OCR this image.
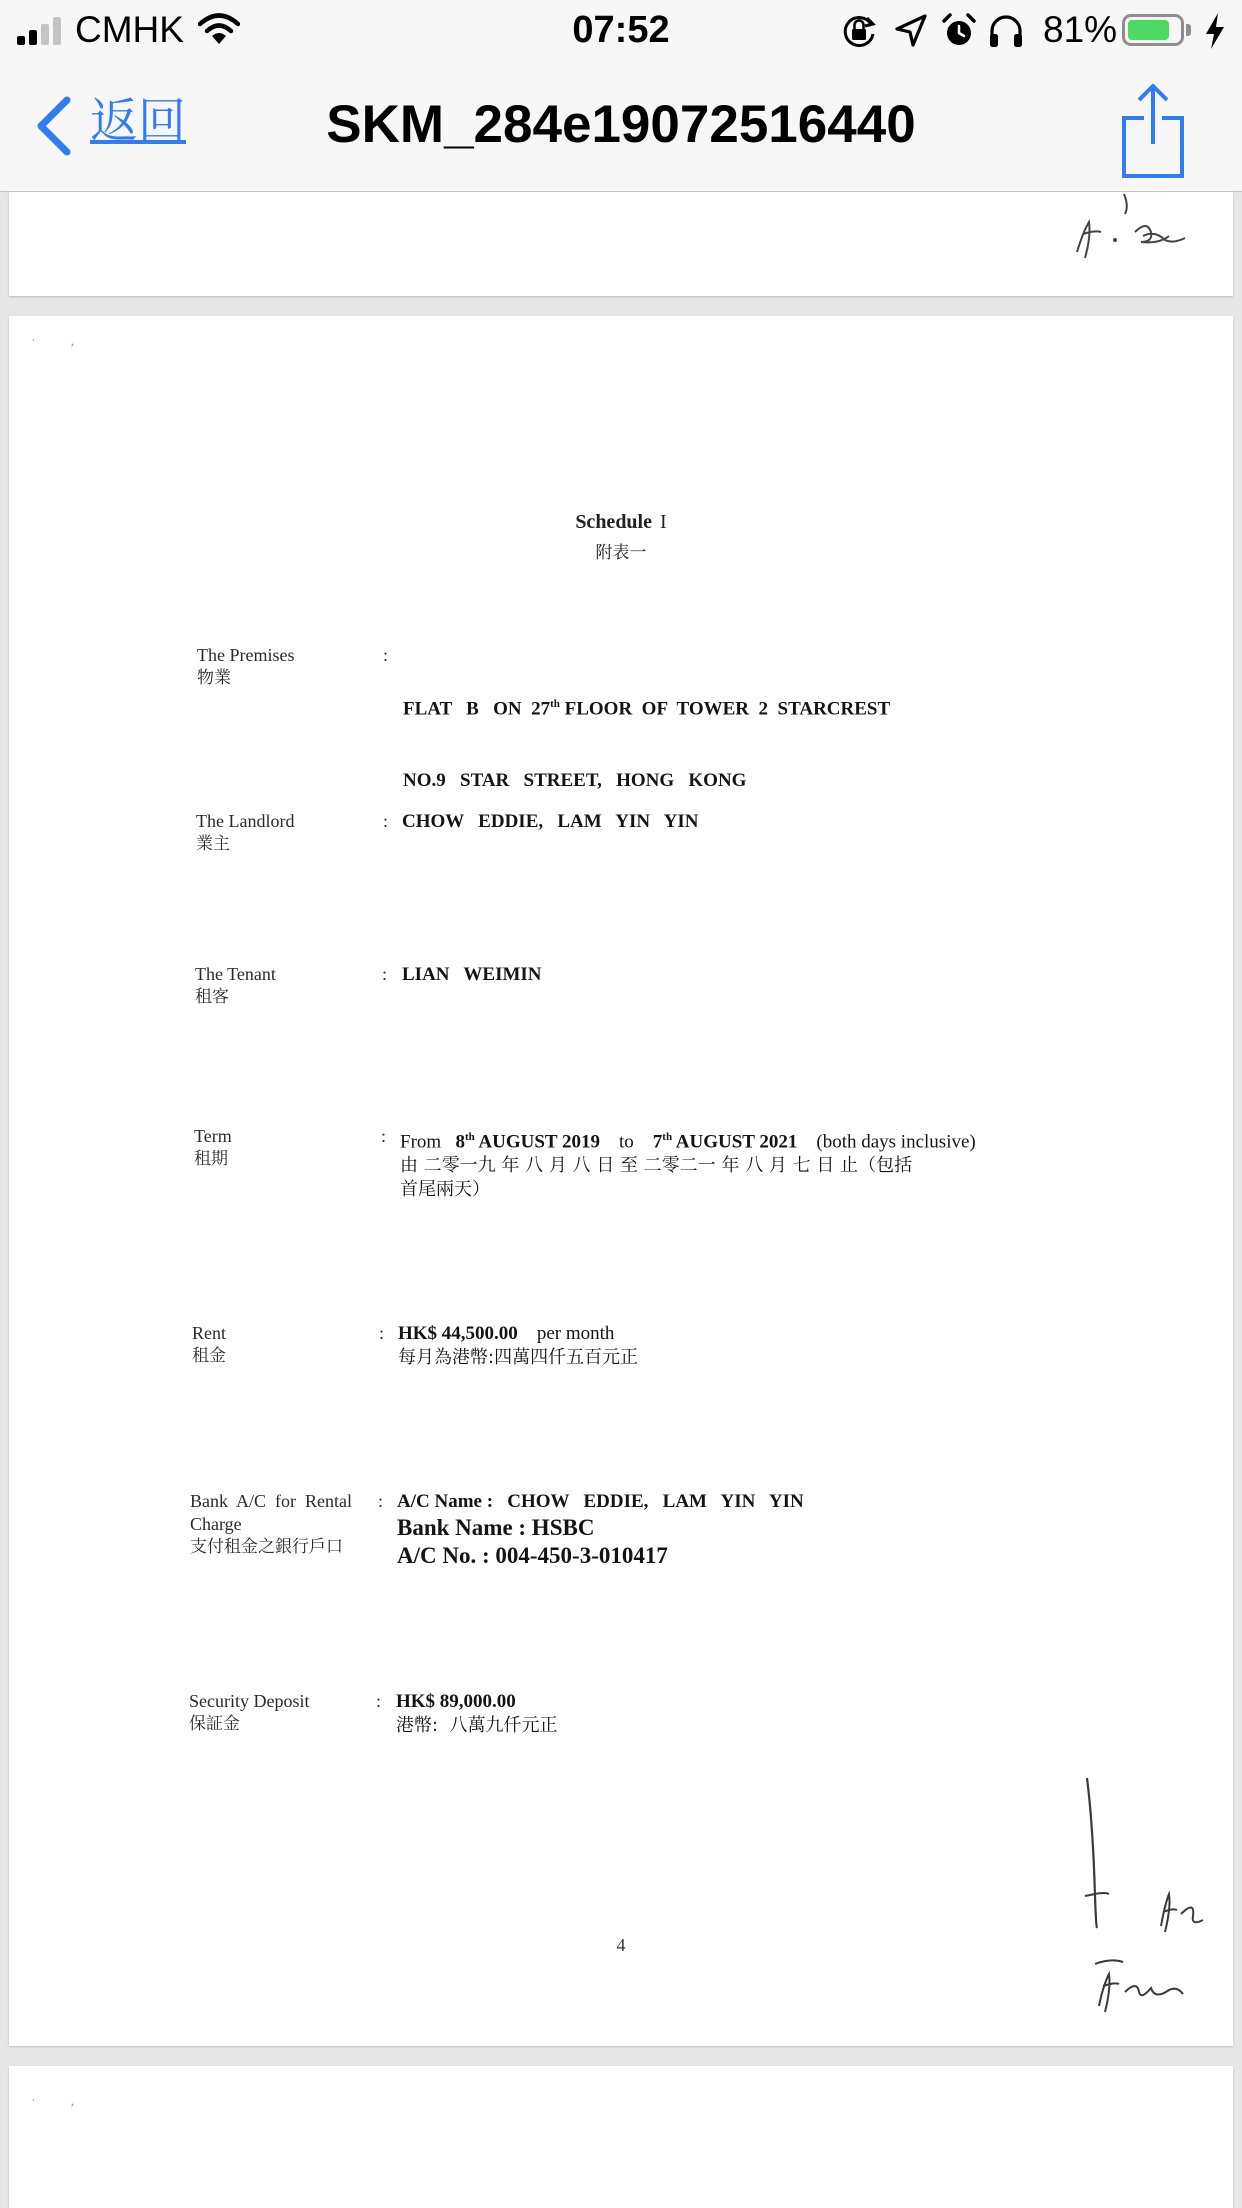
CMHK	07:52	81%
返回	SKM_284e19072516440
·          ,
Schedule I
附表一
The Premises
物業
:

FLAT   B   ON  27th FLOOR  OF  TOWER  2  STARCREST

NO.9   STAR   STREET,   HONG   KONG

The Landlord
業主
: CHOW   EDDIE,   LAM   YIN   YIN
The Tenant
租客
: LIAN   WEIMIN
Term
租期
: From 8th AUGUST 2019 to 7th AUGUST 2021 (both days inclusive)
由 二零一九 年 八 月 八 日 至 二零二一 年 八 月 七 日 止（包括
首尾兩天）
Rent
租金
: HK$ 44,500.00 per month
每月為港幣:四萬四仟五百元正
Bank  A/C  for  Rental
Charge
支付租金之銀行戶口
: A/C Name :   CHOW   EDDIE,   LAM   YIN   YIN
Bank Name : HSBC
A/C No. : 004-450-3-010417
Security Deposit
保証金
: HK$ 89,000.00
港幣:  八萬九仟元正
4
·          ,
